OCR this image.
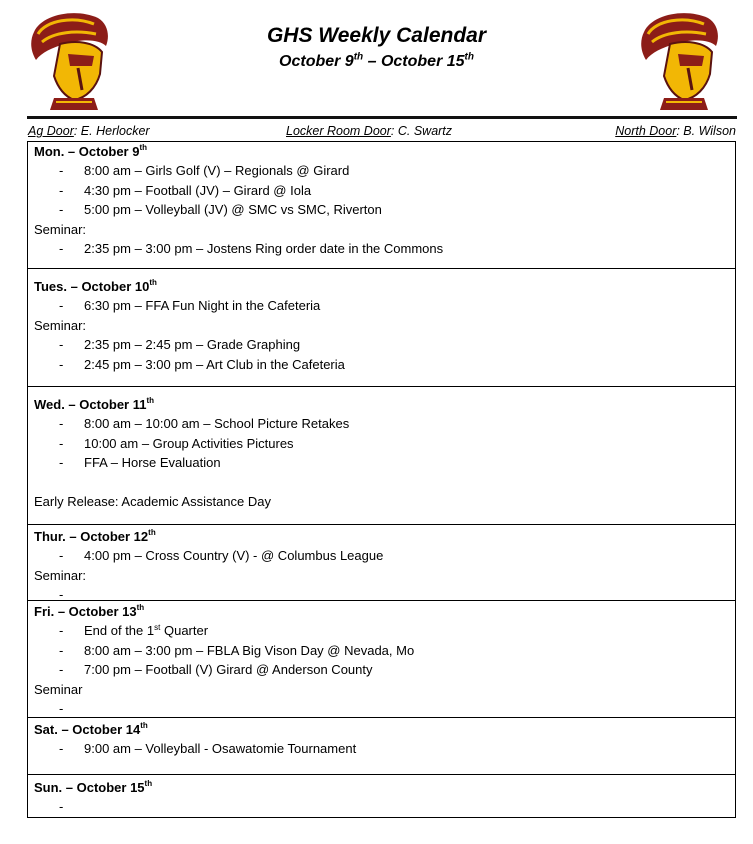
GHS Weekly Calendar
October 9th – October 15th
Ag Door: E. Herlocker	Locker Room Door: C. Swartz	North Door: B. Wilson
Mon. – October 9th
- 8:00 am – Girls Golf (V) – Regionals @ Girard
- 4:30 pm – Football (JV) – Girard @ Iola
- 5:00 pm – Volleyball (JV) @ SMC vs SMC, Riverton
Seminar:
- 2:35 pm – 3:00 pm – Jostens Ring order date in the Commons
Tues. – October 10th
- 6:30 pm – FFA Fun Night in the Cafeteria
Seminar:
- 2:35 pm – 2:45 pm – Grade Graphing
- 2:45 pm – 3:00 pm – Art Club in the Cafeteria
Wed. – October 11th
- 8:00 am – 10:00 am – School Picture Retakes
- 10:00 am – Group Activities Pictures
- FFA – Horse Evaluation
Early Release: Academic Assistance Day
Thur. – October 12th
- 4:00 pm – Cross Country (V) - @ Columbus League
Seminar:
-
Fri. – October 13th
- End of the 1st Quarter
- 8:00 am – 3:00 pm – FBLA Big Vison Day @ Nevada, Mo
- 7:00 pm – Football (V) Girard @ Anderson County
Seminar
-
Sat. – October 14th
- 9:00 am – Volleyball - Osawatomie Tournament
Sun. – October 15th
-
